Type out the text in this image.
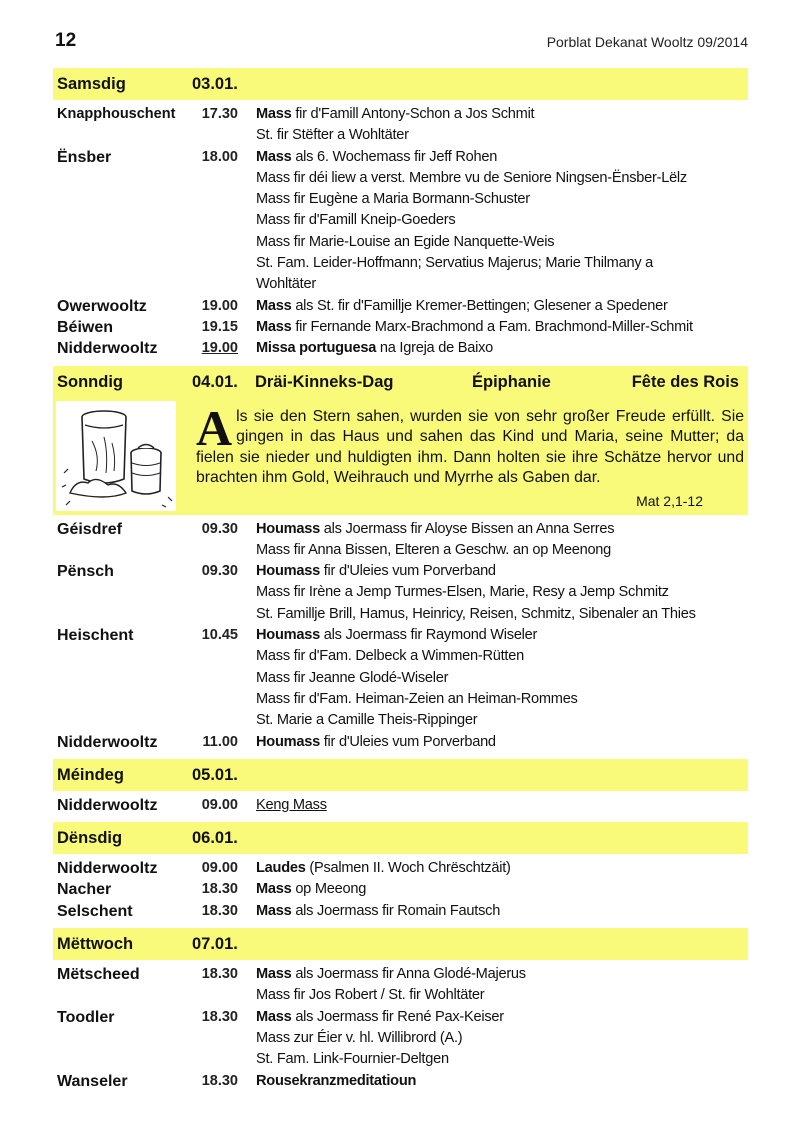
12	Porblat Dekanat Wooltz 09/2014
Samsdig	03.01.
Knapphouschent 17.30 Mass fir d'Famill Antony-Schon a Jos Schmit
St. fir Stëfter a Wohltäter
Ënsber	18.00 Mass als 6. Wochemass fir Jeff Rohen
Mass fir déi liew a verst. Membre vu de Seniore Ningsen-Ënsber-Lëlz
Mass fir Eugène a Maria Bormann-Schuster
Mass fir d'Famill Kneip-Goeders
Mass fir Marie-Louise an Egide Nanquette-Weis
St. Fam. Leider-Hoffmann; Servatius Majerus; Marie Thilmany a
Wohltäter
Owerwooltz	19.00 Mass als St. fir d'Famillje Kremer-Bettingen; Glesener a Spedener
Béiwen	19.15 Mass fir Fernande Marx-Brachmond a Fam. Brachmond-Miller-Schmit
Nidderwooltz	19.00 Missa portuguesa na Igreja de Baixo
Sonndig	04.01. Dräi-Kinneks-Dag	Épiphanie	Fête des Rois
Als sie den Stern sahen, wurden sie von sehr großer Freude erfüllt. Sie gingen in das Haus und sahen das Kind und Maria, seine Mutter; da fielen sie nieder und huldigten ihm. Dann holten sie ihre Schätze hervor und brachten ihm Gold, Weihrauch und Myrrhe als Gaben dar.
Mat 2,1-12
Géisdref	09.30 Houmass als Joermass fir Aloyse Bissen an Anna Serres
Mass fir Anna Bissen, Elteren a Geschw. an op Meenong
Pënsch	09.30 Houmass fir d'Uleies vum Porverband
Mass fir Irène a Jemp Turmes-Elsen, Marie, Resy a Jemp Schmitz
St. Famillje Brill, Hamus, Heinricy, Reisen, Schmitz, Sibenaler an Thies
Heischent	10.45 Houmass als Joermass fir Raymond Wiseler
Mass fir d'Fam. Delbeck a Wimmen-Rütten
Mass fir Jeanne Glodé-Wiseler
Mass fir d'Fam. Heiman-Zeien an Heiman-Rommes
St. Marie a Camille Theis-Rippinger
Nidderwooltz	11.00 Houmass fir d'Uleies vum Porverband
Méindeg	05.01.
Nidderwooltz	09.00 Keng Mass
Dënsdig	06.01.
Nidderwooltz	09.00 Laudes (Psalmen II. Woch Chrëschtzäit)
Nacher	18.30 Mass op Meeong
Selschent	18.30 Mass als Joermass fir Romain Fautsch
Mëttwoch	07.01.
Mëtscheed	18.30 Mass als Joermass fir Anna Glodé-Majerus
Mass fir Jos Robert / St. fir Wohltäter
Toodler	18.30 Mass als Joermass fir René Pax-Keiser
Mass zur Éier v. hl. Willibrord (A.)
St. Fam. Link-Fournier-Deltgen
Wanseler	18.30 Rousekranzmeditatioun
